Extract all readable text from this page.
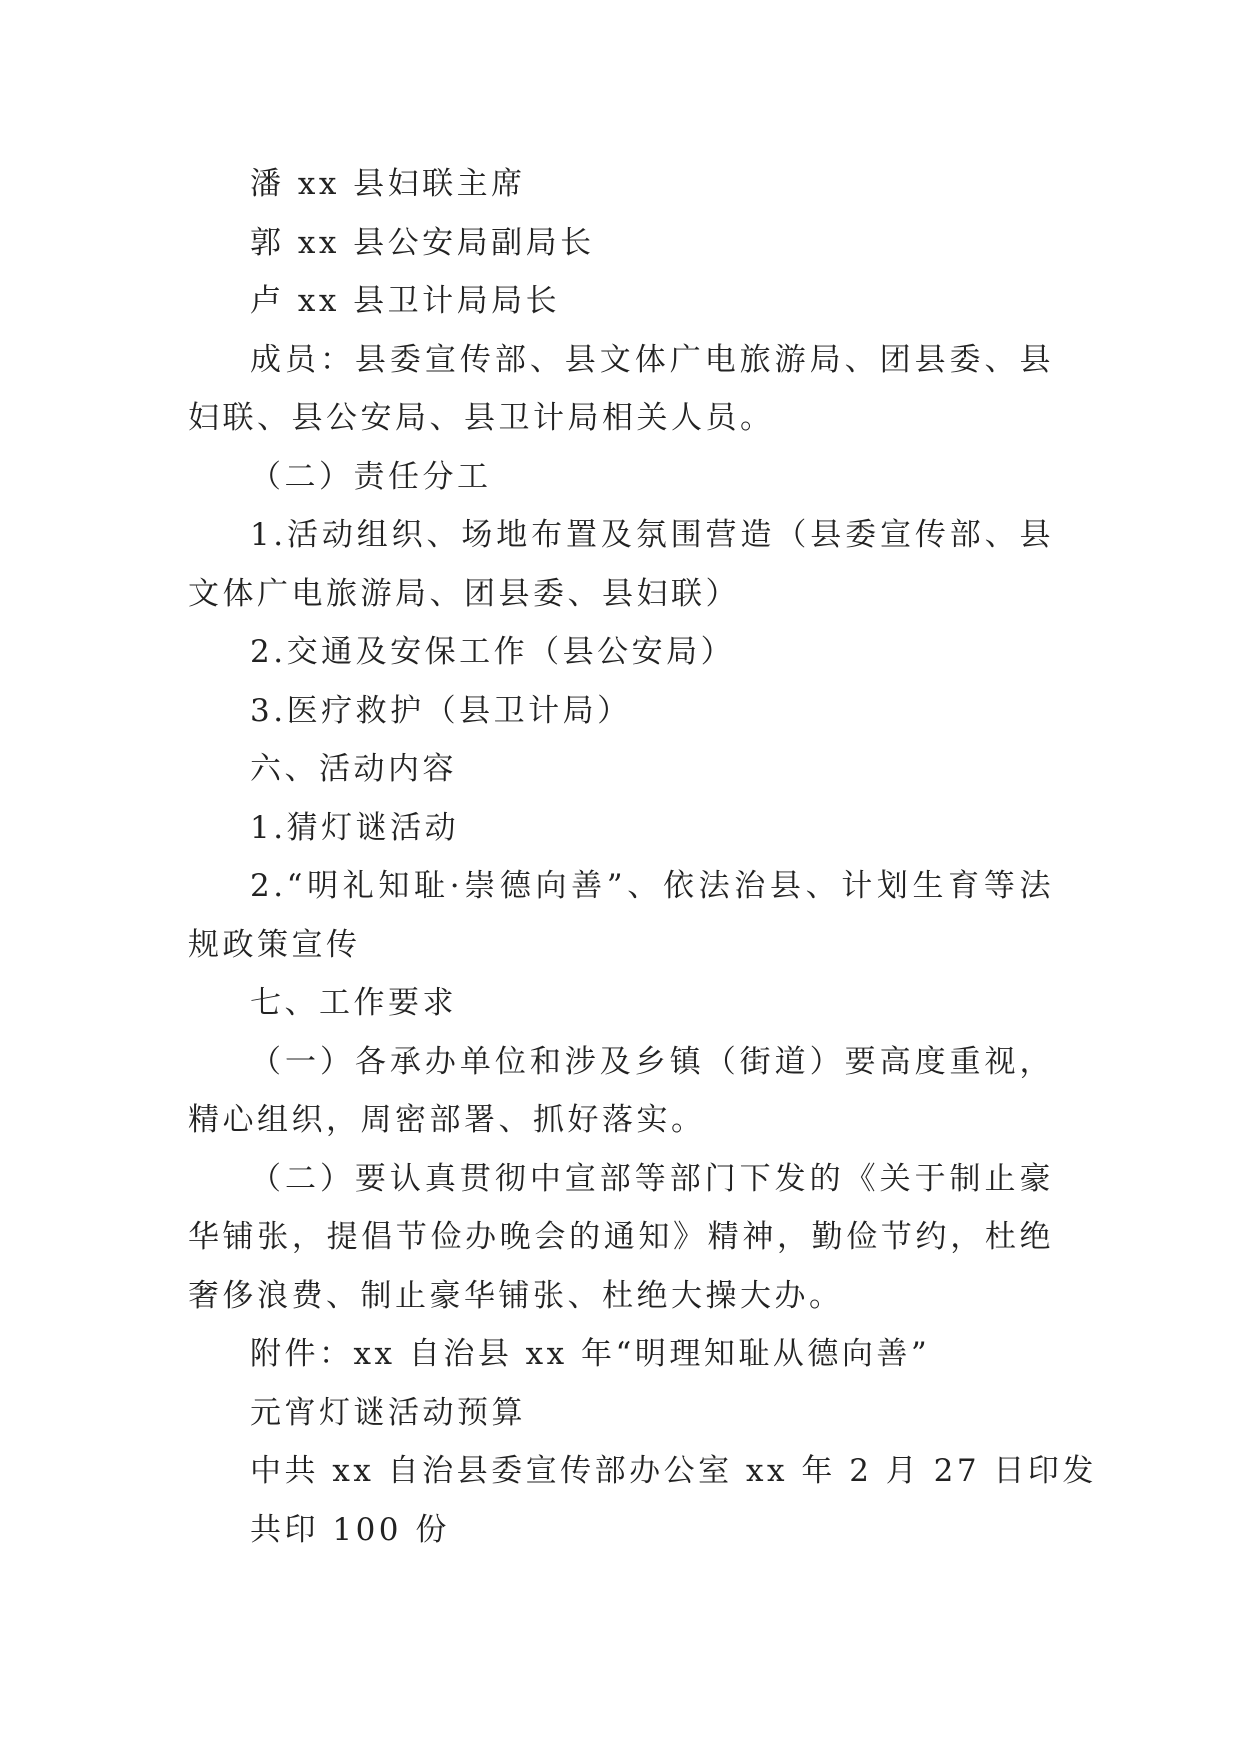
潘 xx 县妇联主席

郭 xx 县公安局副局长

卢 xx 县卫计局局长

成员：县委宣传部、县文体广电旅游局、团县委、县妇联、县公安局、县卫计局相关人员。

（二）责任分工

1.活动组织、场地布置及氛围营造（县委宣传部、县文体广电旅游局、团县委、县妇联）

2.交通及安保工作（县公安局）

3.医疗救护（县卫计局）

六、活动内容

1.猜灯谜活动

2.“明礼知耻·崇德向善”、依法治县、计划生育等法规政策宣传

七、工作要求

（一）各承办单位和涉及乡镇（街道）要高度重视，精心组织，周密部署、抓好落实。

（二）要认真贯彻中宣部等部门下发的《关于制止豪华铺张，提倡节俭办晚会的通知》精神，勤俭节约，杜绝奢侈浪费、制止豪华铺张、杜绝大操大办。

附件：xx 自治县 xx 年“明理知耻从德向善”

元宵灯谜活动预算

中共 xx 自治县委宣传部办公室 xx 年 2 月 27 日印发

共印 100 份
